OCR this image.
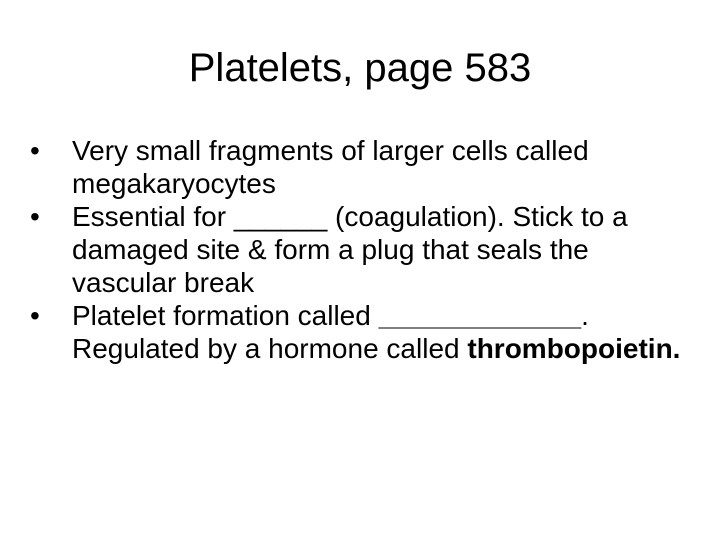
Platelets, page 583
•	Very small fragments of larger cells called megakaryocytes
•	Essential for ______ (coagulation). Stick to a damaged site & form a plug that seals the vascular break
•	Platelet formation called _____________. Regulated by a hormone called thrombopoietin.
